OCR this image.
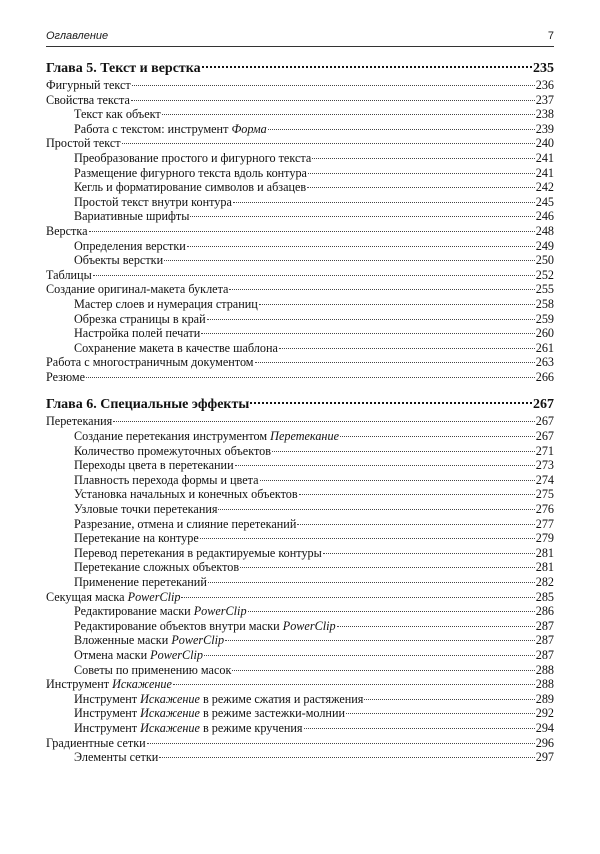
Оглавление	7
Глава 5. Текст и верстка	235
Фигурный текст	236
Свойства текста	237
Текст как объект	238
Работа с текстом: инструмент Форма	239
Простой текст	240
Преобразование простого и фигурного текста	241
Размещение фигурного текста вдоль контура	241
Кегль и форматирование символов и абзацев	242
Простой текст внутри контура	245
Вариативные шрифты	246
Верстка	248
Определения верстки	249
Объекты верстки	250
Таблицы	252
Создание оригинал-макета буклета	255
Мастер слоев и нумерация страниц	258
Обрезка страницы в край	259
Настройка полей печати	260
Сохранение макета в качестве шаблона	261
Работа с многостраничным документом	263
Резюме	266
Глава 6. Специальные эффекты	267
Перетекания	267
Создание перетекания инструментом Перетекание	267
Количество промежуточных объектов	271
Переходы цвета в перетекании	273
Плавность перехода формы и цвета	274
Установка начальных и конечных объектов	275
Узловые точки перетекания	276
Разрезание, отмена и слияние перетеканий	277
Перетекание на контуре	279
Перевод перетекания в редактируемые контуры	281
Перетекание сложных объектов	281
Применение перетеканий	282
Секущая маска PowerClip	285
Редактирование маски PowerClip	286
Редактирование объектов внутри маски PowerClip	287
Вложенные маски PowerClip	287
Отмена маски PowerClip	287
Советы по применению масок	288
Инструмент Искажение	288
Инструмент Искажение в режиме сжатия и растяжения	289
Инструмент Искажение в режиме застежки-молнии	292
Инструмент Искажение в режиме кручения	294
Градиентные сетки	296
Элементы сетки	297
